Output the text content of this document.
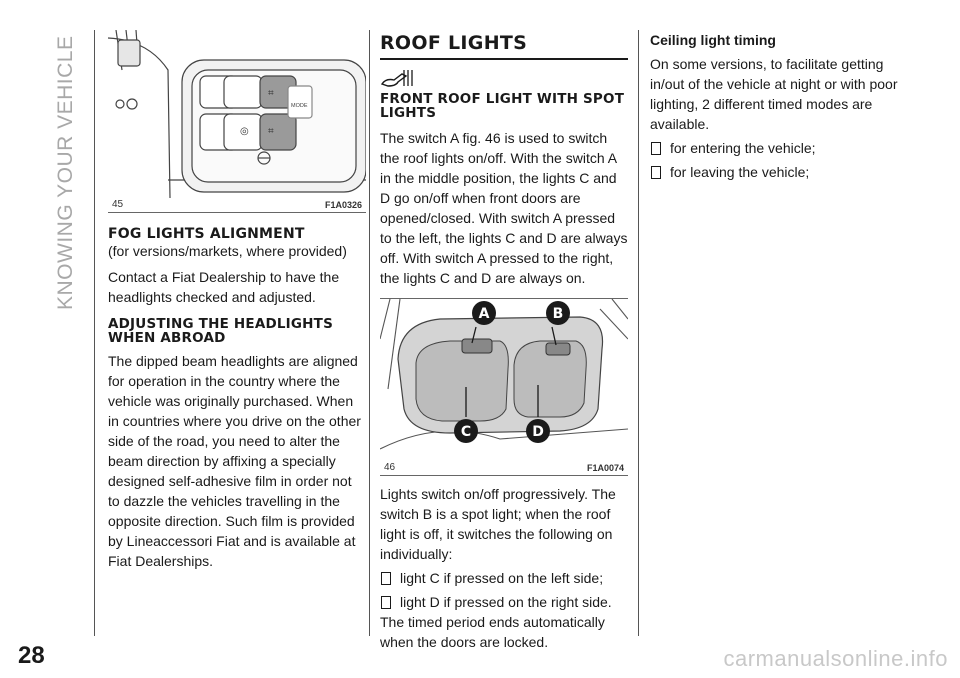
KNOWING YOUR VEHICLE	MODE
⌗
◎ ⌗
45	F1A0326
FOG LIGHTS ALIGNMENT

(for versions/markets, where provided)

Contact a Fiat Dealership to have the headlights checked and adjusted.

ADJUSTING THE HEADLIGHTS WHEN ABROAD

The dipped beam headlights are aligned for operation in the country where the vehicle was originally purchased. When in countries where you drive on the other side of the road, you need to alter the beam direction by affixing a specially designed self-adhesive film in order not to dazzle the vehicles travelling in the opposite direction. Such film is provided by Lineaccessori Fiat and is available at Fiat Dealerships.

ROOF LIGHTS
FRONT ROOF LIGHT WITH SPOT LIGHTS

The switch A fig. 46 is used to switch the roof lights on/off. With the switch A in the middle position, the lights C and D go on/off when front doors are opened/closed. With switch A pressed to the left, the lights C and D are always off. With switch A pressed to the right, the lights C and D are always on.

A	B
C	D
46	F1A0074

Lights switch on/off progressively. The switch B is a spot light; when the roof light is off, it switches the following on individually:

light C if pressed on the left side;
light D if pressed on the right side.

The timed period ends automatically when the doors are locked.

Ceiling light timing

On some versions, to facilitate getting in/out of the vehicle at night or with poor lighting, 2 different timed modes are available.

for entering the vehicle;
for leaving the vehicle;
28	carmanualsonline.info
